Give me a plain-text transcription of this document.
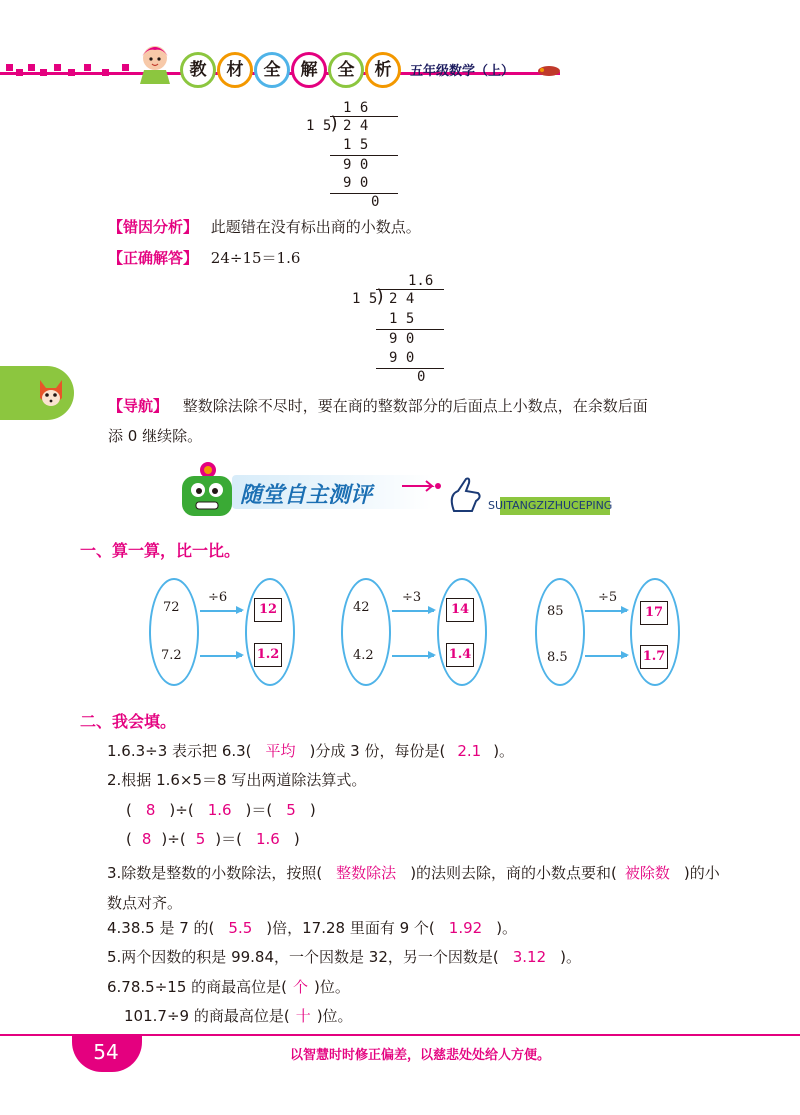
教	材	全	解	全	析	五年级数学（上）
1 6
1 5 2 4
)
1 5
9 0
9 0
0
【错因分析】 此题错在没有标出商的小数点。
【正确解答】 24÷15＝1.6
1.6
1 5 2 4
)
1 5
9 0
9 0
0
【导航】 整数除法除不尽时，要在商的整数部分的后面点上小数点，在余数后面
添 0 继续除。
随堂自主测评	SUITANGZIZHUCEPING
一、算一算，比一比。
72
7.2
÷6
12
1.2
42
4.2
÷3
14
1.4
85
8.5
÷5
17
1.7
二、我会填。
1.6.3÷3 表示把 6.3( 平均 )分成 3 份，每份是( 2.1 )。
2.根据 1.6×5＝8 写出两道除法算式。
( 8 )÷( 1.6 )＝( 5 )
( 8 )÷( 5 )＝( 1.6 )
3.除数是整数的小数除法，按照( 整数除法 )的法则去除，商的小数点要和( 被除数 )的小数点对齐。
4.38.5 是 7 的( 5.5 )倍，17.28 里面有 9 个( 1.92 )。
5.两个因数的积是 99.84，一个因数是 32，另一个因数是( 3.12 )。
6.78.5÷15 的商最高位是( 个 )位。
101.7÷9 的商最高位是( 十 )位。
54	以智慧时时修正偏差，以慈悲处处给人方便。
